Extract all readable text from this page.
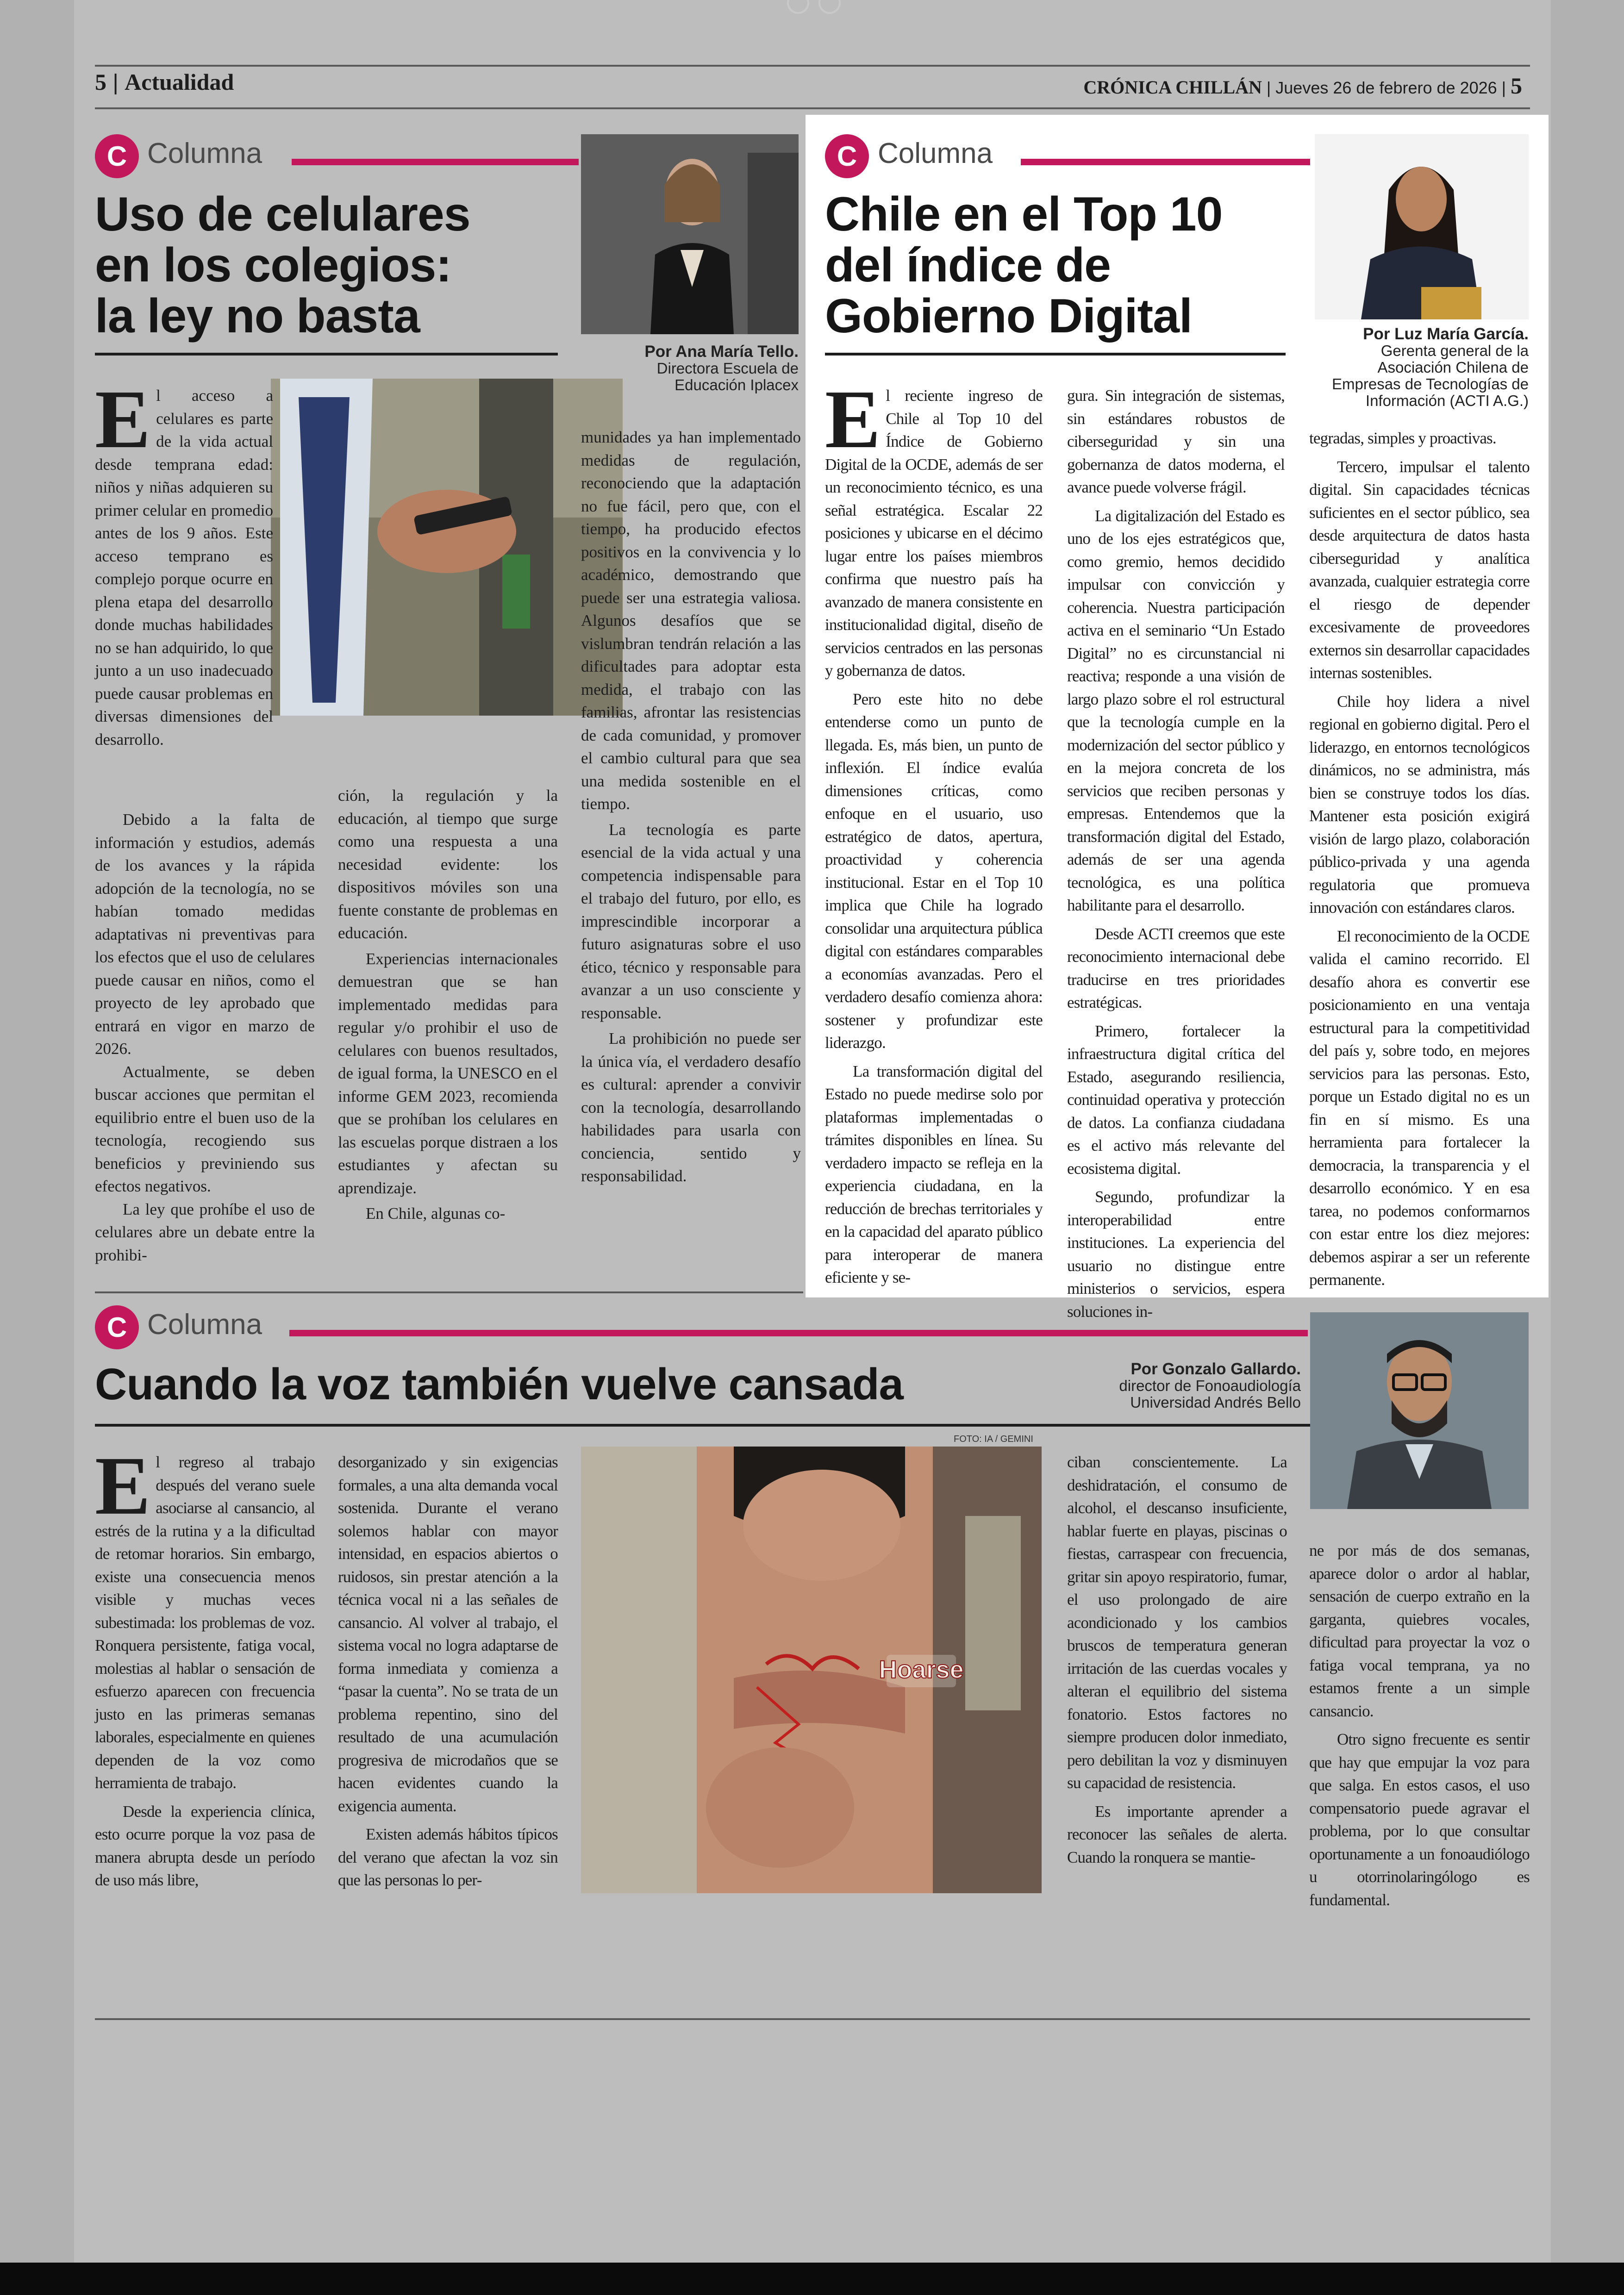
5 | Actualidad	CRÓNICA CHILLÁN | Jueves 26 de febrero de 2026 | 5
C Columna
Uso de celulares
en los colegios:
la ley no basta
Por Ana María Tello.
Directora Escuela de
Educación Iplacex

El acceso a celulares es parte de la vida actual desde temprana edad: niños y niñas adquieren su primer celular en promedio antes de los 9 años. Este acceso temprano es complejo porque ocurre en plena etapa del desarrollo donde muchas habilidades no se han adquirido, lo que junto a un uso inadecuado puede causar problemas en diversas dimensiones del desarrollo.

Debido a la falta de información y estudios, además de los avances y la rápida adopción de la tecnología, no se habían tomado medidas adaptativas ni preventivas para los efectos que el uso de celulares puede causar en niños, como el proyecto de ley aprobado que entrará en vigor en marzo de 2026.

Actualmente, se deben buscar acciones que permitan el equilibrio entre el buen uso de la tecnología, recogiendo sus beneficios y previniendo sus efectos negativos.

La ley que prohíbe el uso de celulares abre un debate entre la prohibi-

ción, la regulación y la educación, al tiempo que surge como una respuesta a una necesidad evidente: los dispositivos móviles son una fuente constante de problemas en educación.

Experiencias internacionales demuestran que se han implementado medidas para regular y/o prohibir el uso de celulares con buenos resultados, de igual forma, la UNESCO en el informe GEM 2023, recomienda que se prohíban los celulares en las escuelas porque distraen a los estudiantes y afectan su aprendizaje.

En Chile, algunas co-

munidades ya han implementado medidas de regulación, reconociendo que la adaptación no fue fácil, pero que, con el tiempo, ha producido efectos positivos en la convivencia y lo académico, demostrando que puede ser una estrategia valiosa. Algunos desafíos que se vislumbran tendrán relación a las dificultades para adoptar esta medida, el trabajo con las familias, afrontar las resistencias de cada comunidad, y promover el cambio cultural para que sea una medida sostenible en el tiempo.

La tecnología es parte esencial de la vida actual y una competencia indispensable para el trabajo del futuro, por ello, es imprescindible incorporar a futuro asignaturas sobre el uso ético, técnico y responsable para avanzar a un uso consciente y responsable.

La prohibición no puede ser la única vía, el verdadero desafío es cultural: aprender a convivir con la tecnología, desarrollando habilidades para usarla con conciencia, sentido y responsabilidad.

C Columna
Chile en el Top 10
del índice de
Gobierno Digital	Por Luz María García.
Gerenta general de la
Asociación Chilena de
Empresas de Tecnologías de
Información (ACTI A.G.)

El reciente ingreso de Chile al Top 10 del Índice de Gobierno Digital de la OCDE, además de ser un reconocimiento técnico, es una señal estratégica. Escalar 22 posiciones y ubicarse en el décimo lugar entre los países miembros confirma que nuestro país ha avanzado de manera consistente en institucionalidad digital, diseño de servicios centrados en las personas y gobernanza de datos.

Pero este hito no debe entenderse como un punto de llegada. Es, más bien, un punto de inflexión. El índice evalúa dimensiones críticas, como enfoque en el usuario, uso estratégico de datos, apertura, proactividad y coherencia institucional. Estar en el Top 10 implica que Chile ha logrado consolidar una arquitectura pública digital con estándares comparables a economías avanzadas. Pero el verdadero desafío comienza ahora: sostener y profundizar este liderazgo.

La transformación digital del Estado no puede medirse solo por plataformas implementadas o trámites disponibles en línea. Su verdadero impacto se refleja en la experiencia ciudadana, en la reducción de brechas territoriales y en la capacidad del aparato público para interoperar de manera eficiente y se-

gura. Sin integración de sistemas, sin estándares robustos de ciberseguridad y sin una gobernanza de datos moderna, el avance puede volverse frágil.

La digitalización del Estado es uno de los ejes estratégicos que, como gremio, hemos decidido impulsar con convicción y coherencia. Nuestra participación activa en el seminario “Un Estado Digital” no es circunstancial ni reactiva; responde a una visión de largo plazo sobre el rol estructural que la tecnología cumple en la modernización del sector público y en la mejora concreta de los servicios que reciben personas y empresas. Entendemos que la transformación digital del Estado, además de ser una agenda tecnológica, es una política habilitante para el desarrollo.

Desde ACTI creemos que este reconocimiento internacional debe traducirse en tres prioridades estratégicas.

Primero, fortalecer la infraestructura digital crítica del Estado, asegurando resiliencia, continuidad operativa y protección de datos. La confianza ciudadana es el activo más relevante del ecosistema digital.

Segundo, profundizar la interoperabilidad entre instituciones. La experiencia del usuario no distingue entre ministerios o servicios, espera soluciones in-

tegradas, simples y proactivas.

Tercero, impulsar el talento digital. Sin capacidades técnicas suficientes en el sector público, sea desde arquitectura de datos hasta ciberseguridad y analítica avanzada, cualquier estrategia corre el riesgo de depender excesivamente de proveedores externos sin desarrollar capacidades internas sostenibles.

Chile hoy lidera a nivel regional en gobierno digital. Pero el liderazgo, en entornos tecnológicos dinámicos, no se administra, más bien se construye todos los días. Mantener esta posición exigirá visión de largo plazo, colaboración público-privada y una agenda regulatoria que promueva innovación con estándares claros.

El reconocimiento de la OCDE valida el camino recorrido. El desafío ahora es convertir ese posicionamiento en una ventaja estructural para la competitividad del país y, sobre todo, en mejores servicios para las personas. Esto, porque un Estado digital no es un fin en sí mismo. Es una herramienta para fortalecer la democracia, la transparencia y el desarrollo económico. Y en esa tarea, no podemos conformarnos con estar entre los diez mejores: debemos aspirar a ser un referente permanente.

C Columna
Cuando la voz también vuelve cansada	Por Gonzalo Gallardo.
director de Fonoaudiología
Universidad Andrés Bello
FOTO: IA / GEMINI
Hoarse

El regreso al trabajo después del verano suele asociarse al cansancio, al estrés de la rutina y a la dificultad de retomar horarios. Sin embargo, existe una consecuencia menos visible y muchas veces subestimada: los problemas de voz. Ronquera persistente, fatiga vocal, molestias al hablar o sensación de esfuerzo aparecen con frecuencia justo en las primeras semanas laborales, especialmente en quienes dependen de la voz como herramienta de trabajo.

Desde la experiencia clínica, esto ocurre porque la voz pasa de manera abrupta desde un período de uso más libre,

desorganizado y sin exigencias formales, a una alta demanda vocal sostenida. Durante el verano solemos hablar con mayor intensidad, en espacios abiertos o ruidosos, sin prestar atención a la técnica vocal ni a las señales de cansancio. Al volver al trabajo, el sistema vocal no logra adaptarse de forma inmediata y comienza a “pasar la cuenta”. No se trata de un problema repentino, sino del resultado de una acumulación progresiva de microdaños que se hacen evidentes cuando la exigencia aumenta.

Existen además hábitos típicos del verano que afectan la voz sin que las personas lo per-

ciban conscientemente. La deshidratación, el consumo de alcohol, el descanso insuficiente, hablar fuerte en playas, piscinas o fiestas, carraspear con frecuencia, gritar sin apoyo respiratorio, fumar, el uso prolongado de aire acondicionado y los cambios bruscos de temperatura generan irritación de las cuerdas vocales y alteran el equilibrio del sistema fonatorio. Estos factores no siempre producen dolor inmediato, pero debilitan la voz y disminuyen su capacidad de resistencia.

Es importante aprender a reconocer las señales de alerta. Cuando la ronquera se mantie-

ne por más de dos semanas, aparece dolor o ardor al hablar, sensación de cuerpo extraño en la garganta, quiebres vocales, dificultad para proyectar la voz o fatiga vocal temprana, ya no estamos frente a un simple cansancio.

Otro signo frecuente es sentir que hay que empujar la voz para que salga. En estos casos, el uso compensatorio puede agravar el problema, por lo que consultar oportunamente a un fonoaudiólogo u otorrinolaringólogo es fundamental.
